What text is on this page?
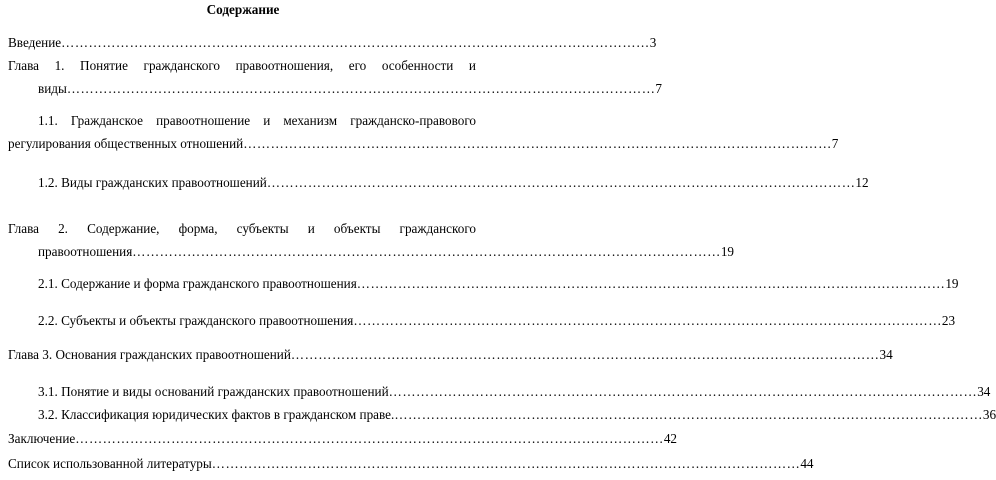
Содержание
Введение ………………………………………………………………………………………………………………… 3
Глава 1. Понятие гражданского правоотношения, его особенности и
виды ………………………………………………………………………………………………………………… 7
1.1. Гражданское правоотношение и механизм гражданско-правового
регулирования общественных отношений ………………………………………………………………………………………………………………… 7
1.2. Виды гражданских правоотношений ………………………………………………………………………………………………………………… 12
Глава 2. Содержание, форма, субъекты и объекты гражданского
правоотношения ………………………………………………………………………………………………………………… 19
2.1. Содержание и форма гражданского правоотношения ………………………………………………………………………………………………………………… 19
2.2. Субъекты и объекты гражданского правоотношения ………………………………………………………………………………………………………………… 23
Глава 3. Основания гражданских правоотношений ………………………………………………………………………………………………………………… 34
3.1. Понятие и виды оснований гражданских правоотношений ………………………………………………………………………………………………………………… 34
3.2. Классификация юридических фактов в гражданском праве. ………………………………………………………………………………………………………………… 36
Заключение ………………………………………………………………………………………………………………… 42
Список использованной литературы ………………………………………………………………………………………………………………… 44
